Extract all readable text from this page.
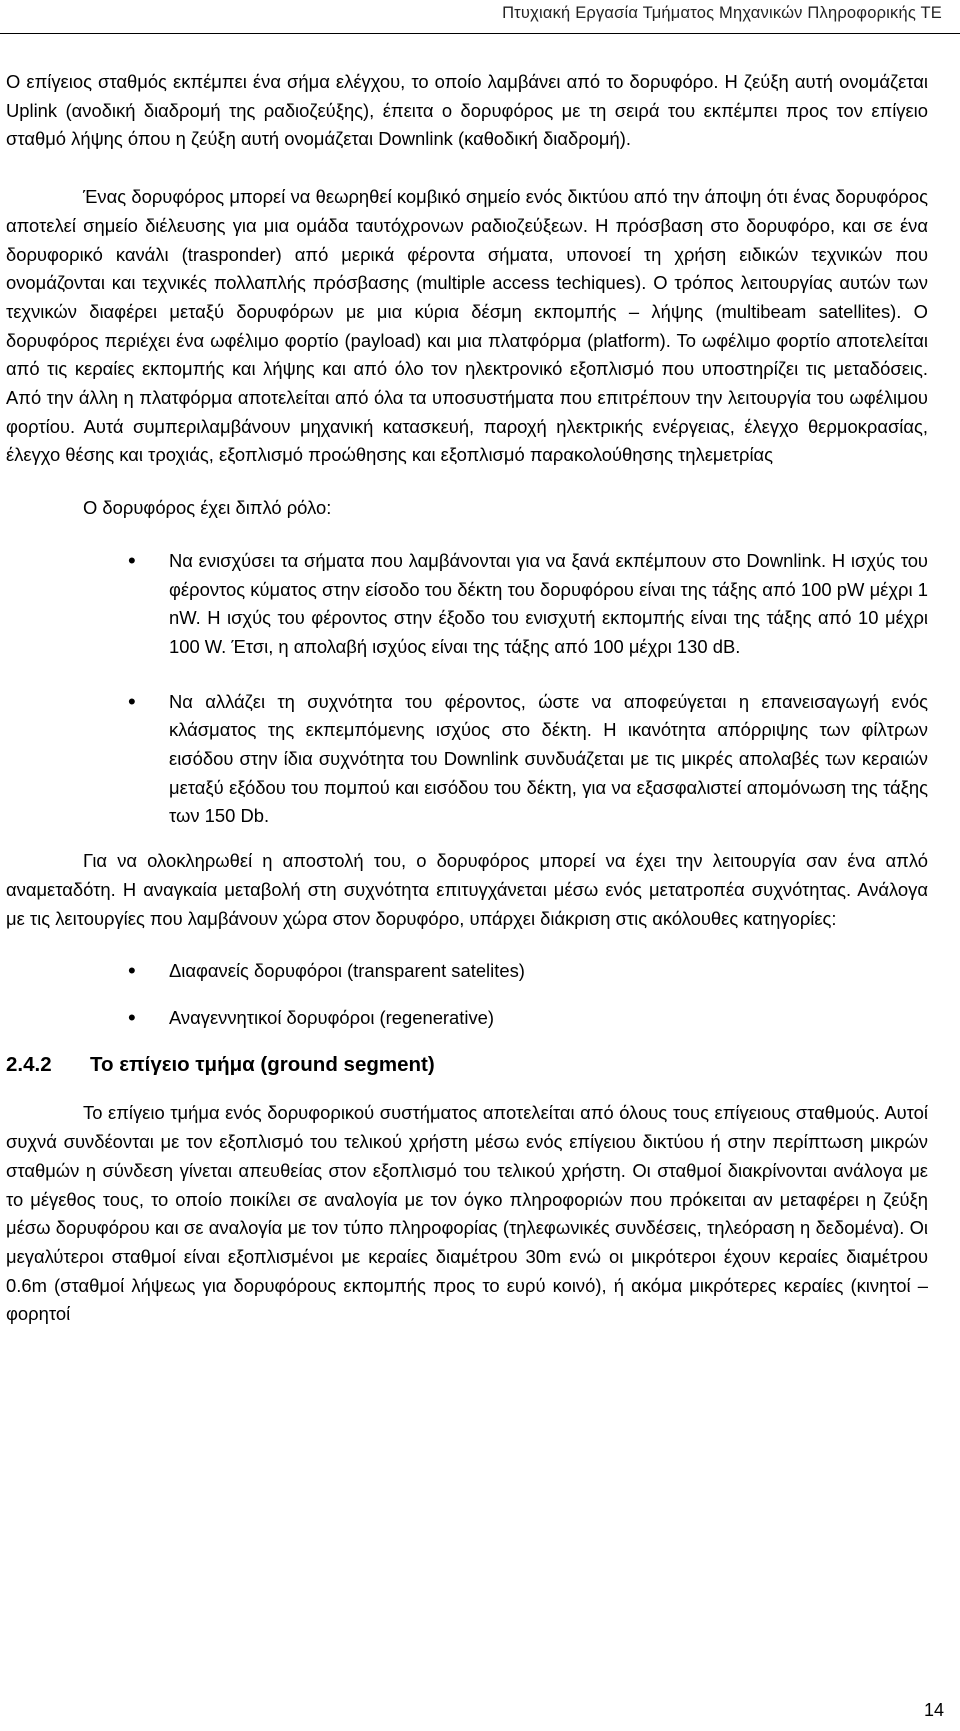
Πτυχιακή Εργασία Τμήματος Μηχανικών Πληροφορικής ΤΕ

Ο επίγειος σταθμός εκπέμπει ένα σήμα ελέγχου, το οποίο λαμβάνει από το δορυφόρο. Η ζεύξη αυτή ονομάζεται Uplink (ανοδική διαδρομή της ραδιοζεύξης), έπειτα ο δορυφόρος με τη σειρά του εκπέμπει προς τον επίγειο σταθμό λήψης όπου η ζεύξη αυτή ονομάζεται Downlink (καθοδική διαδρομή).

Ένας δορυφόρος μπορεί να θεωρηθεί κομβικό σημείο ενός δικτύου από την άποψη ότι ένας δορυφόρος αποτελεί σημείο διέλευσης για μια ομάδα ταυτόχρονων ραδιοζεύξεων. Η πρόσβαση στο δορυφόρο, και σε ένα δορυφορικό κανάλι (trasponder) από μερικά φέροντα σήματα, υπονοεί τη χρήση ειδικών τεχνικών που ονομάζονται και τεχνικές πολλαπλής πρόσβασης (multiple access techiques). Ο τρόπος λειτουργίας αυτών των τεχνικών διαφέρει μεταξύ δορυφόρων με μια κύρια δέσμη εκπομπής – λήψης (multibeam satellites). Ο δορυφόρος περιέχει ένα ωφέλιμο φορτίο (payload) και μια πλατφόρμα (platform). Το ωφέλιμο φορτίο αποτελείται από τις κεραίες εκπομπής και λήψης και από όλο τον ηλεκτρονικό εξοπλισμό που υποστηρίζει τις μεταδόσεις. Από την άλλη η πλατφόρμα αποτελείται από όλα τα υποσυστήματα που επιτρέπουν την λειτουργία του ωφέλιμου φορτίου. Αυτά συμπεριλαμβάνουν μηχανική κατασκευή, παροχή ηλεκτρικής ενέργειας, έλεγχο θερμοκρασίας, έλεγχο θέσης και τροχιάς, εξοπλισμό προώθησης και εξοπλισμό παρακολούθησης τηλεμετρίας

Ο δορυφόρος έχει διπλό ρόλο:

• Να ενισχύσει τα σήματα που λαμβάνονται για να ξανά εκπέμπουν στο Downlink. Η ισχύς του φέροντος κύματος στην είσοδο του δέκτη του δορυφόρου είναι της τάξης από 100 pW μέχρι 1 nW. Η ισχύς του φέροντος στην έξοδο του ενισχυτή εκπομπής είναι της τάξης από 10 μέχρι 100 W. Έτσι, η απολαβή ισχύος είναι της τάξης από 100 μέχρι 130 dB.
• Να αλλάζει τη συχνότητα του φέροντος, ώστε να αποφεύγεται η επανεισαγωγή ενός κλάσματος της εκπεμπόμενης ισχύος στο δέκτη. Η ικανότητα απόρριψης των φίλτρων εισόδου στην ίδια συχνότητα του Downlink συνδυάζεται με τις μικρές απολαβές των κεραιών μεταξύ εξόδου του πομπού και εισόδου του δέκτη, για να εξασφαλιστεί απομόνωση της τάξης των 150 Db.

Για να ολοκληρωθεί η αποστολή του, ο δορυφόρος μπορεί να έχει την λειτουργία σαν ένα απλό αναμεταδότη. Η αναγκαία μεταβολή στη συχνότητα επιτυγχάνεται μέσω ενός μετατροπέα συχνότητας. Ανάλογα με τις λειτουργίες που λαμβάνουν χώρα στον δορυφόρο, υπάρχει διάκριση στις ακόλουθες κατηγορίες:

• Διαφανείς δορυφόροι (transparent satelites)
• Αναγεννητικοί δορυφόροι (regenerative)
2.4.2 Το επίγειο τμήμα (ground segment)

Το επίγειο τμήμα ενός δορυφορικού συστήματος αποτελείται από όλους τους επίγειους σταθμούς. Αυτοί συχνά συνδέονται με τον εξοπλισμό του τελικού χρήστη μέσω ενός επίγειου δικτύου ή στην περίπτωση μικρών σταθμών η σύνδεση γίνεται απευθείας στον εξοπλισμό του τελικού χρήστη. Οι σταθμοί διακρίνονται ανάλογα με το μέγεθος τους, το οποίο ποικίλει σε αναλογία με τον όγκο πληροφοριών που πρόκειται αν μεταφέρει η ζεύξη μέσω δορυφόρου και σε αναλογία με τον τύπο πληροφορίας (τηλεφωνικές συνδέσεις, τηλεόραση η δεδομένα). Οι μεγαλύτεροι σταθμοί είναι εξοπλισμένοι με κεραίες διαμέτρου 30m ενώ οι μικρότεροι έχουν κεραίες διαμέτρου 0.6m (σταθμοί λήψεως για δορυφόρους εκπομπής προς το ευρύ κοινό), ή ακόμα μικρότερες κεραίες (κινητοί – φορητοί

14
